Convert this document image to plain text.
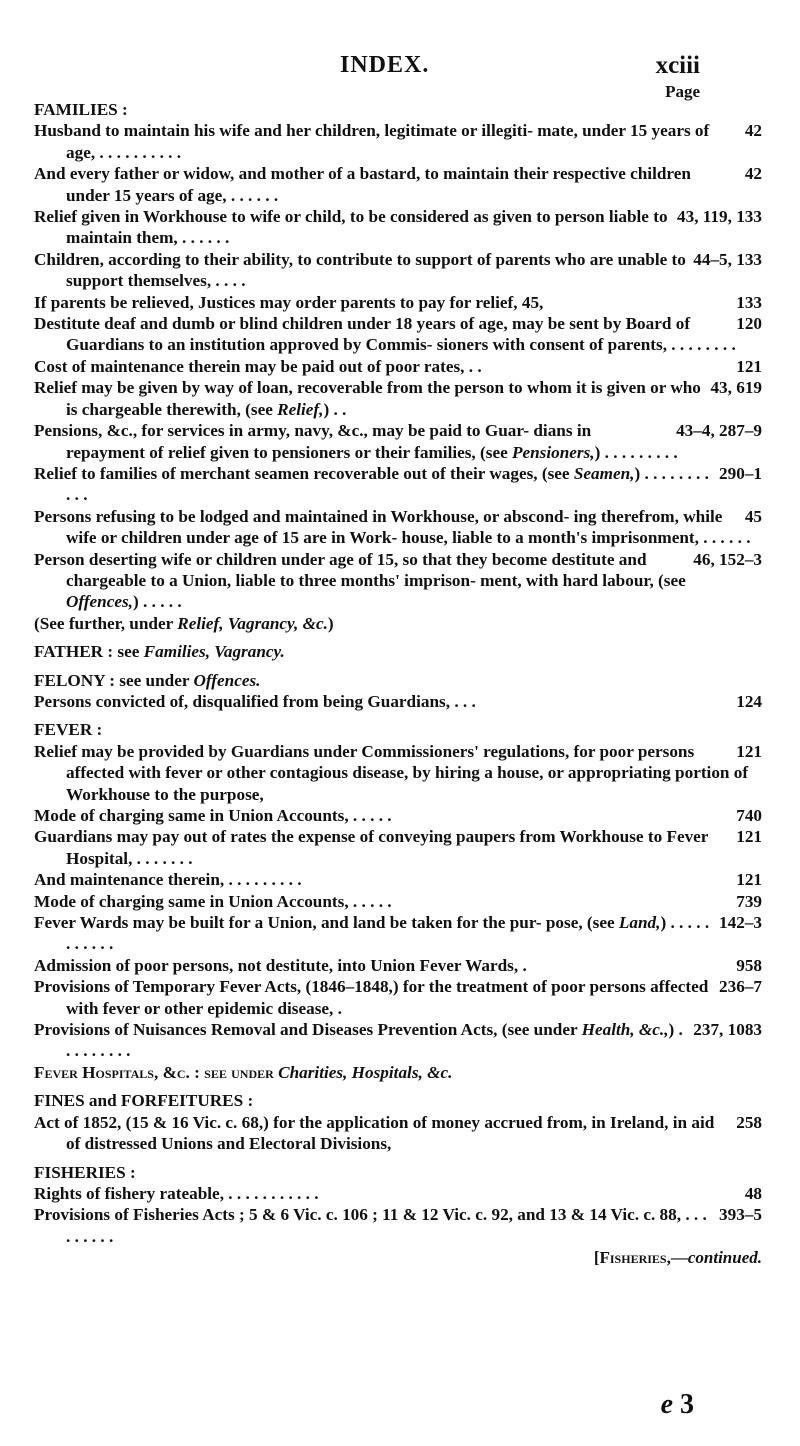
INDEX.	xciii
Page
FAMILIES :
42
Husband to maintain his wife and her children, legitimate or illegiti- mate, under 15 years of age, . . . . . . . . . .
42
And every father or widow, and mother of a bastard, to maintain their respective children under 15 years of age, . . . . . .
43, 119, 133
Relief given in Workhouse to wife or child, to be considered as given to person liable to maintain them, . . . . . .
44–5, 133
Children, according to their ability, to contribute to support of parents who are unable to support themselves, . . . .
133
If parents be relieved, Justices may order parents to pay for relief, 45,
120
Destitute deaf and dumb or blind children under 18 years of age, may be sent by Board of Guardians to an institution approved by Commis- sioners with consent of parents, . . . . . . . .
121
Cost of maintenance therein may be paid out of poor rates, . .
43, 619
Relief may be given by way of loan, recoverable from the person to whom it is given or who is chargeable therewith, (see Relief,) . .
43–4, 287–9
Pensions, &c., for services in army, navy, &c., may be paid to Guar- dians in repayment of relief given to pensioners or their families, (see Pensioners,) . . . . . . . . .
290–1
Relief to families of merchant seamen recoverable out of their wages, (see Seamen,) . . . . . . . . . . .
45
Persons refusing to be lodged and maintained in Workhouse, or abscond- ing therefrom, while wife or children under age of 15 are in Work- house, liable to a month's imprisonment, . . . . . .
46, 152–3
Person deserting wife or children under age of 15, so that they become destitute and chargeable to a Union, liable to three months' imprison- ment, with hard labour, (see Offences,) . . . . .
(See further, under Relief, Vagrancy, &c.)
FATHER : see Families, Vagrancy.
FELONY : see under Offences.
124
Persons convicted of, disqualified from being Guardians, . . .
FEVER :
121
Relief may be provided by Guardians under Commissioners' regulations, for poor persons affected with fever or other contagious disease, by hiring a house, or appropriating portion of Workhouse to the purpose,
740
Mode of charging same in Union Accounts, . . . . .
121
Guardians may pay out of rates the expense of conveying paupers from Workhouse to Fever Hospital, . . . . . . .
121
And maintenance therein, . . . . . . . . .
739
Mode of charging same in Union Accounts, . . . . .
142–3
Fever Wards may be built for a Union, and land be taken for the pur- pose, (see Land,) . . . . . . . . . . .
958
Admission of poor persons, not destitute, into Union Fever Wards, .
236–7
Provisions of Temporary Fever Acts, (1846–1848,) for the treatment of poor persons affected with fever or other epidemic disease, .
237, 1083
Provisions of Nuisances Removal and Diseases Prevention Acts, (see under Health, &c.,) . . . . . . . . .
Fever Hospitals, &c. : see under Charities, Hospitals, &c.
FINES and FORFEITURES :
258
Act of 1852, (15 & 16 Vic. c. 68,) for the application of money accrued from, in Ireland, in aid of distressed Unions and Electoral Divisions,
FISHERIES :
48
Rights of fishery rateable, . . . . . . . . . . .
393–5
Provisions of Fisheries Acts ; 5 & 6 Vic. c. 106 ; 11 & 12 Vic. c. 92, and 13 & 14 Vic. c. 88, . . . . . . . . .
[Fisheries,—continued.
e 3
